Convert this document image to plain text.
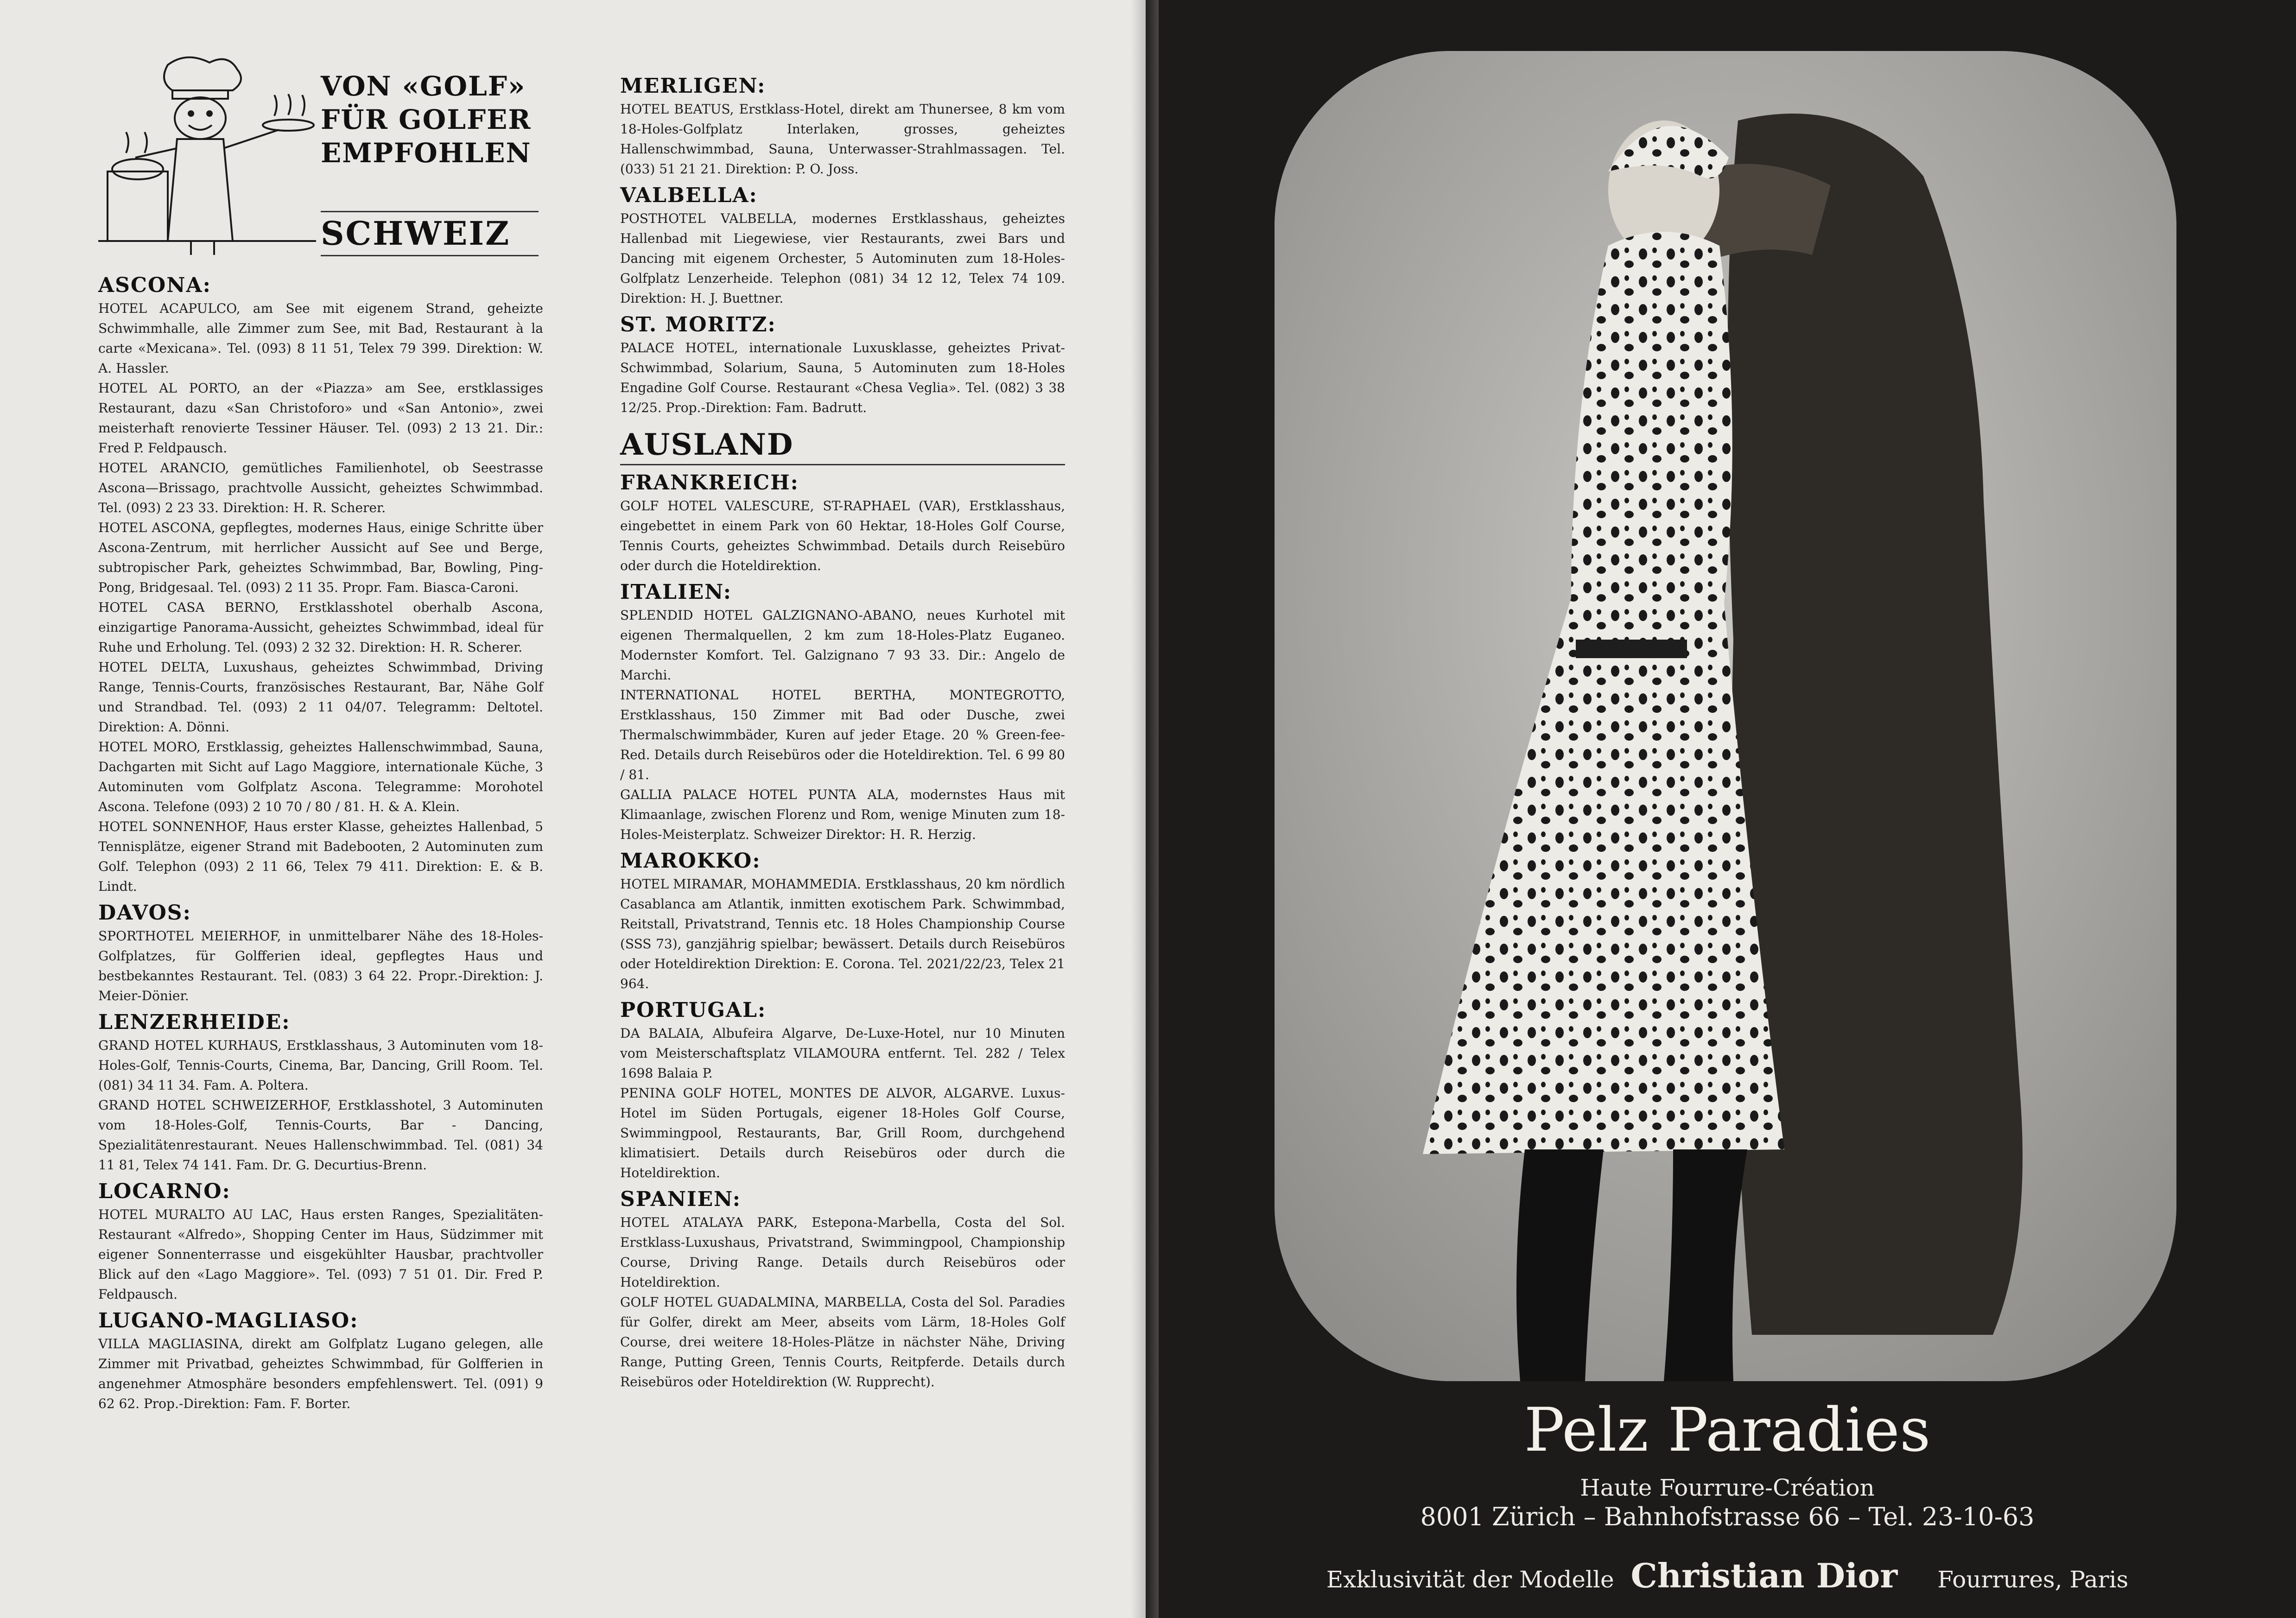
VON «GOLF»
FÜR GOLFER
EMPFOHLEN
SCHWEIZ
ASCONA:

HOTEL ACAPULCO, am See mit eigenem Strand, geheizte Schwimmhalle, alle Zimmer zum See, mit Bad, Restaurant à la carte «Mexicana». Tel. (093) 8 11 51, Telex 79 399. Direktion: W. A. Hassler.

HOTEL AL PORTO, an der «Piazza» am See, erstklassiges Restaurant, dazu «San Christoforo» und «San Antonio», zwei meisterhaft renovierte Tessiner Häuser. Tel. (093) 2 13 21. Dir.: Fred P. Feldpausch.

HOTEL ARANCIO, gemütliches Familienhotel, ob Seestrasse Ascona—Brissago, prachtvolle Aussicht, geheiztes Schwimmbad. Tel. (093) 2 23 33. Direktion: H. R. Scherer.

HOTEL ASCONA, gepflegtes, modernes Haus, einige Schritte über Ascona-Zentrum, mit herrlicher Aussicht auf See und Berge, subtropischer Park, geheiztes Schwimmbad, Bar, Bowling, Ping-Pong, Bridgesaal. Tel. (093) 2 11 35. Propr. Fam. Biasca-Caroni.

HOTEL CASA BERNO, Erstklasshotel oberhalb Ascona, einzigartige Panorama-Aussicht, geheiztes Schwimmbad, ideal für Ruhe und Erholung. Tel. (093) 2 32 32. Direktion: H. R. Scherer.

HOTEL DELTA, Luxushaus, geheiztes Schwimmbad, Driving Range, Tennis-Courts, französisches Restaurant, Bar, Nähe Golf und Strandbad. Tel. (093) 2 11 04/07. Telegramm: Deltotel. Direktion: A. Dönni.

HOTEL MORO, Erstklassig, geheiztes Hallenschwimmbad, Sauna, Dachgarten mit Sicht auf Lago Maggiore, internationale Küche, 3 Autominuten vom Golfplatz Ascona. Telegramme: Morohotel Ascona. Telefone (093) 2 10 70 / 80 / 81. H. & A. Klein.

HOTEL SONNENHOF, Haus erster Klasse, geheiztes Hallenbad, 5 Tennisplätze, eigener Strand mit Badebooten, 2 Autominuten zum Golf. Telephon (093) 2 11 66, Telex 79 411. Direktion: E. & B. Lindt.

DAVOS:

SPORTHOTEL MEIERHOF, in unmittelbarer Nähe des 18-Holes-Golfplatzes, für Golfferien ideal, gepflegtes Haus und bestbekanntes Restaurant. Tel. (083) 3 64 22. Propr.-Direktion: J. Meier-Dönier.

LENZERHEIDE:

GRAND HOTEL KURHAUS, Erstklasshaus, 3 Autominuten vom 18-Holes-Golf, Tennis-Courts, Cinema, Bar, Dancing, Grill Room. Tel. (081) 34 11 34. Fam. A. Poltera.

GRAND HOTEL SCHWEIZERHOF, Erstklasshotel, 3 Autominuten vom 18-Holes-Golf, Tennis-Courts, Bar - Dancing, Spezialitätenrestaurant. Neues Hallenschwimmbad. Tel. (081) 34 11 81, Telex 74 141. Fam. Dr. G. Decurtius-Brenn.

LOCARNO:

HOTEL MURALTO AU LAC, Haus ersten Ranges, Spezialitäten-Restaurant «Alfredo», Shopping Center im Haus, Südzimmer mit eigener Sonnenterrasse und eisgekühlter Hausbar, prachtvoller Blick auf den «Lago Maggiore». Tel. (093) 7 51 01. Dir. Fred P. Feldpausch.

LUGANO-MAGLIASO:

VILLA MAGLIASINA, direkt am Golfplatz Lugano gelegen, alle Zimmer mit Privatbad, geheiztes Schwimmbad, für Golfferien in angenehmer Atmosphäre besonders empfehlenswert. Tel. (091) 9 62 62. Prop.-Direktion: Fam. F. Borter.

MERLIGEN:

HOTEL BEATUS, Erstklass-Hotel, direkt am Thunersee, 8 km vom 18-Holes-Golfplatz Interlaken, grosses, geheiztes Hallenschwimmbad, Sauna, Unterwasser-Strahlmassagen. Tel. (033) 51 21 21. Direktion: P. O. Joss.

VALBELLA:

POSTHOTEL VALBELLA, modernes Erstklasshaus, geheiztes Hallenbad mit Liegewiese, vier Restaurants, zwei Bars und Dancing mit eigenem Orchester, 5 Autominuten zum 18-Holes-Golfplatz Lenzerheide. Telephon (081) 34 12 12, Telex 74 109. Direktion: H. J. Buettner.

ST. MORITZ:

PALACE HOTEL, internationale Luxusklasse, geheiztes Privat-Schwimmbad, Solarium, Sauna, 5 Autominuten zum 18-Holes Engadine Golf Course. Restaurant «Chesa Veglia». Tel. (082) 3 38 12/25. Prop.-Direktion: Fam. Badrutt.

AUSLAND
FRANKREICH:

GOLF HOTEL VALESCURE, ST-RAPHAEL (VAR), Erstklasshaus, eingebettet in einem Park von 60 Hektar, 18-Holes Golf Course, Tennis Courts, geheiztes Schwimmbad. Details durch Reisebüro oder durch die Hoteldirektion.

ITALIEN:

SPLENDID HOTEL GALZIGNANO-ABANO, neues Kurhotel mit eigenen Thermalquellen, 2 km zum 18-Holes-Platz Euganeo. Modernster Komfort. Tel. Galzignano 7 93 33. Dir.: Angelo de Marchi.

INTERNATIONAL HOTEL BERTHA, MONTEGROTTO, Erstklasshaus, 150 Zimmer mit Bad oder Dusche, zwei Thermalschwimmbäder, Kuren auf jeder Etage. 20 % Green-fee-Red. Details durch Reisebüros oder die Hoteldirektion. Tel. 6 99 80 / 81.

GALLIA PALACE HOTEL PUNTA ALA, modernstes Haus mit Klimaanlage, zwischen Florenz und Rom, wenige Minuten zum 18-Holes-Meisterplatz. Schweizer Direktor: H. R. Herzig.

MAROKKO:

HOTEL MIRAMAR, MOHAMMEDIA. Erstklasshaus, 20 km nördlich Casablanca am Atlantik, inmitten exotischem Park. Schwimmbad, Reitstall, Privatstrand, Tennis etc. 18 Holes Championship Course (SSS 73), ganzjährig spielbar; bewässert. Details durch Reisebüros oder Hoteldirektion Direktion: E. Corona. Tel. 2021/22/23, Telex 21 964.

PORTUGAL:

DA BALAIA, Albufeira Algarve, De-Luxe-Hotel, nur 10 Minuten vom Meisterschaftsplatz VILAMOURA entfernt. Tel. 282 / Telex 1698 Balaia P.

PENINA GOLF HOTEL, MONTES DE ALVOR, ALGARVE. Luxus-Hotel im Süden Portugals, eigener 18-Holes Golf Course, Swimmingpool, Restaurants, Bar, Grill Room, durchgehend klimatisiert. Details durch Reisebüros oder durch die Hoteldirektion.

SPANIEN:

HOTEL ATALAYA PARK, Estepona-Marbella, Costa del Sol. Erstklass-Luxushaus, Privatstrand, Swimmingpool, Championship Course, Driving Range. Details durch Reisebüros oder Hoteldirektion.

GOLF HOTEL GUADALMINA, MARBELLA, Costa del Sol. Paradies für Golfer, direkt am Meer, abseits vom Lärm, 18-Holes Golf Course, drei weitere 18-Holes-Plätze in nächster Nähe, Driving Range, Putting Green, Tennis Courts, Reitpferde. Details durch Reisebüros oder Hoteldirektion (W. Rupprecht).

Pelz Paradies
Haute Fourrure-Création
8001 Zürich – Bahnhofstrasse 66 – Tel. 23-10-63
Exklusivität der Modelle Christian Dior Fourrures, Paris
